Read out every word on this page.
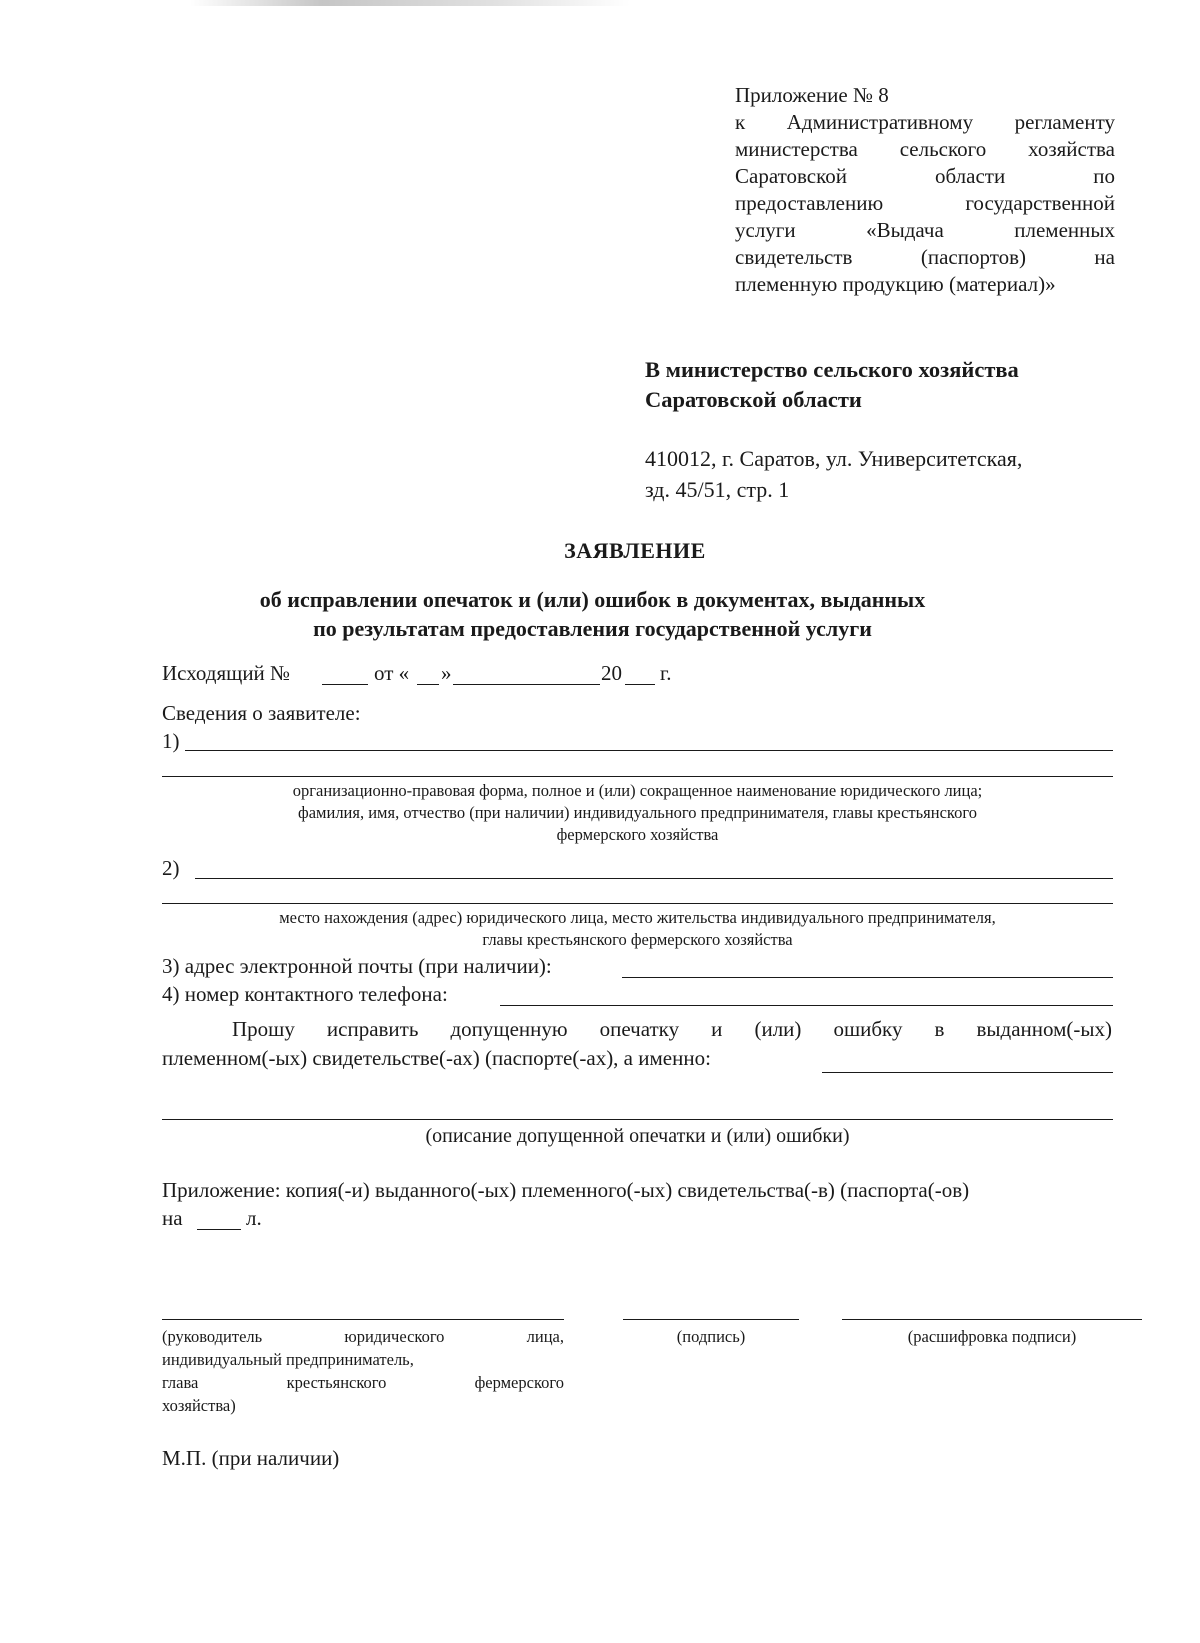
Приложение № 8
к Административному регламенту
министерства сельского хозяйства
Саратовской области по
предоставлению государственной
услуги «Выдача племенных
свидетельств (паспортов) на
племенную продукцию (материал)»
В министерство сельского хозяйства
Саратовской области
410012, г. Саратов, ул. Университетская,
зд. 45/51, стр. 1
ЗАЯВЛЕНИЕ
об исправлении опечаток и (или) ошибок в документах, выданных
по результатам предоставления государственной услуги
Исходящий №	от « »	20 г.
Сведения о заявителе:
1)
организационно-правовая форма, полное и (или) сокращенное наименование юридического лица;
фамилия, имя, отчество (при наличии) индивидуального предпринимателя, главы крестьянского
фермерского хозяйства
2)
место нахождения (адрес) юридического лица, место жительства индивидуального предпринимателя,
главы крестьянского фермерского хозяйства
3) адрес электронной почты (при наличии):
4) номер контактного телефона:
Прошу исправить допущенную опечатку и (или) ошибку в выданном(-ых)
племенном(-ых) свидетельстве(-ах) (паспорте(-ах), а именно:
(описание допущенной опечатки и (или) ошибки)
Приложение: копия(-и) выданного(-ых) племенного(-ых) свидетельства(-в) (паспорта(-ов)
на	л.
(руководитель юридического лица,
индивидуальный предприниматель,
глава крестьянского фермерского
хозяйства)
(подпись)	(расшифровка подписи)
М.П. (при наличии)
